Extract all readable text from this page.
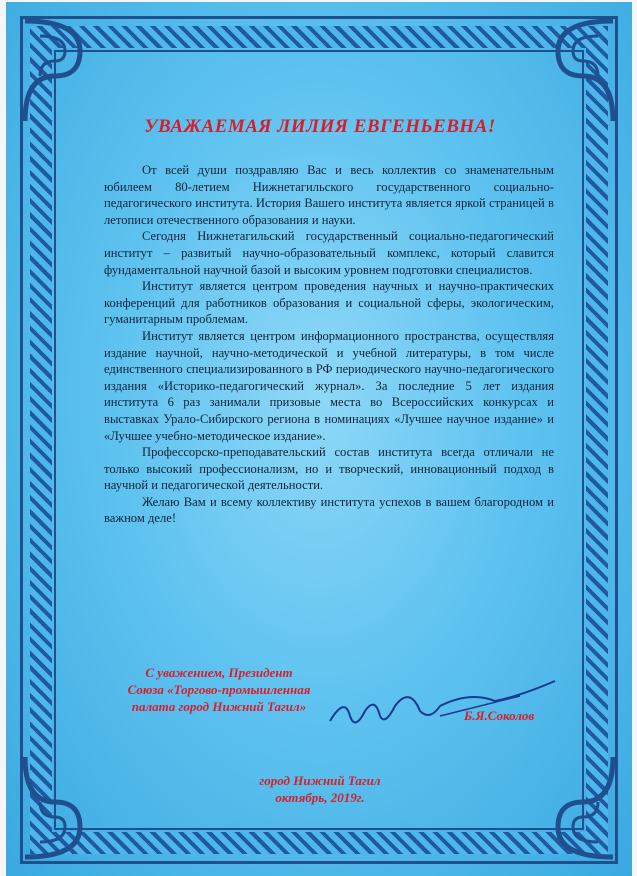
УВАЖАЕМАЯ ЛИЛИЯ ЕВГЕНЬЕВНА!

От всей души поздравляю Вас и весь коллектив со знаменательным юбилеем 80-летием Нижнетагильского государственного социально-педагогического института. История Вашего института является яркой страницей в летописи отечественного образования и науки.

Сегодня Нижнетагильский государственный социально-педагогический институт – развитый научно-образовательный комплекс, который славится фундаментальной научной базой и высоким уровнем подготовки специалистов.

Институт является центром проведения научных и научно-практических конференций для работников образования и социальной сферы, экологическим, гуманитарным проблемам.

Институт является центром информационного пространства, осуществляя издание научной, научно-методической и учебной литературы, в том числе единственного специализированного в РФ периодического научно-педагогического издания «Историко-педагогический журнал». За последние 5 лет издания института 6 раз занимали призовые места во Всероссийских конкурсах и выставках Урало-Сибирского региона в номинациях «Лучшее научное издание» и «Лучшее учебно-методическое издание».

Профессорско-преподавательский состав института всегда отличали не только высокий профессионализм, но и творческий, инновационный подход в научной и педагогической деятельности.

Желаю Вам и всему коллективу института успехов в вашем благородном и важном деле!

С уважением, Президент
Союза «Торгово-промышленная
палата город Нижний Тагил»
Б.Я.Соколов
город Нижний Тагил
октябрь, 2019г.
